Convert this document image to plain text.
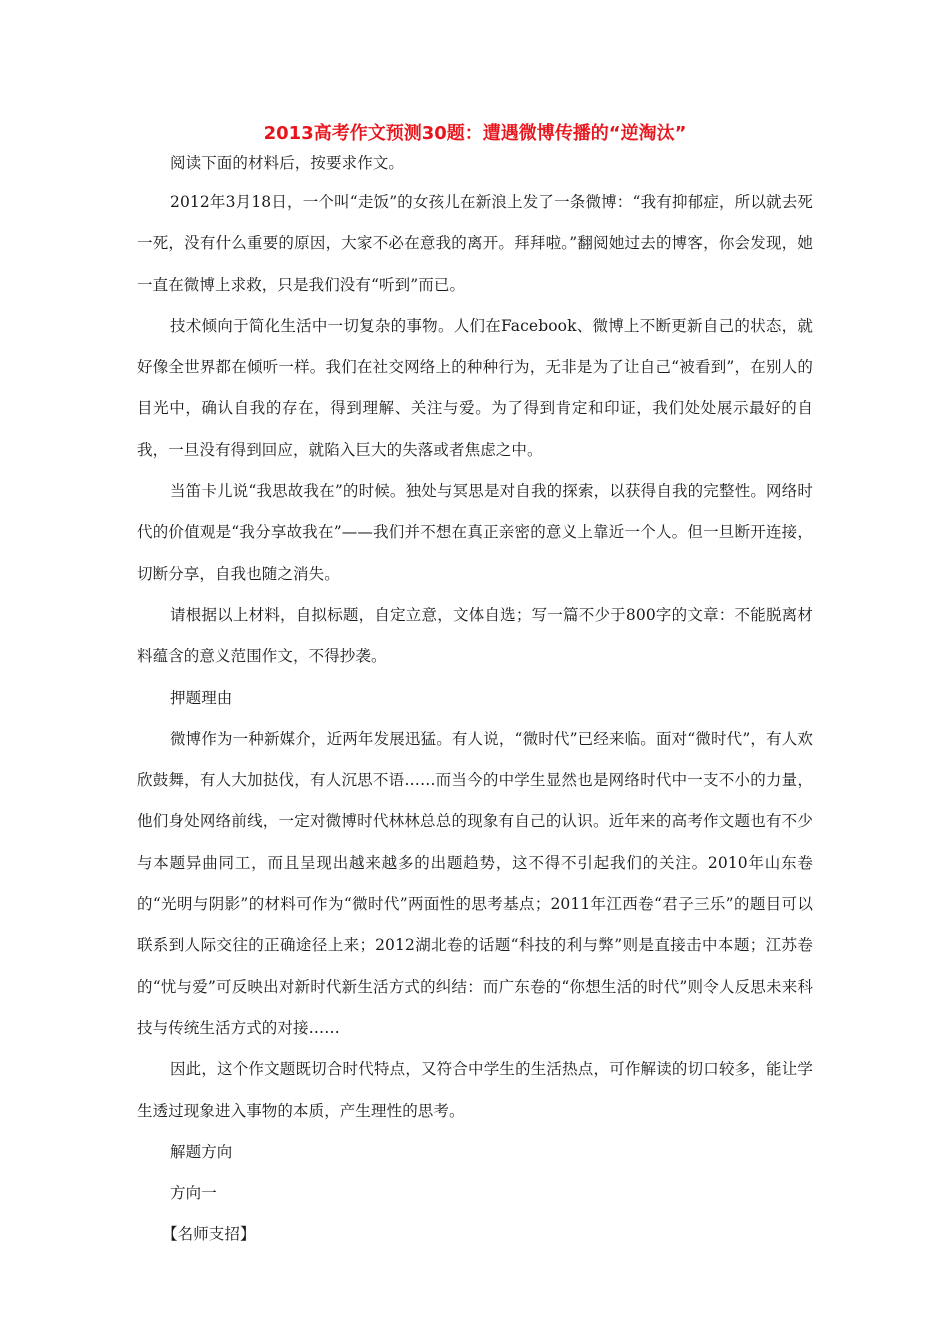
2013高考作文预测30题：遭遇微博传播的“逆淘汰”

阅读下面的材料后，按要求作文。

2012年3月18日，一个叫“走饭”的女孩儿在新浪上发了一条微博：“我有抑郁症，所以就去死一死，没有什么重要的原因，大家不必在意我的离开。拜拜啦。”翻阅她过去的博客，你会发现，她一直在微博上求救，只是我们没有“听到”而已。

技术倾向于简化生活中一切复杂的事物。人们在Facebook、微博上不断更新自己的状态，就好像全世界都在倾听一样。我们在社交网络上的种种行为，无非是为了让自己“被看到”，在别人的目光中，确认自我的存在，得到理解、关注与爱。为了得到肯定和印证，我们处处展示最好的自我，一旦没有得到回应，就陷入巨大的失落或者焦虑之中。

当笛卡儿说“我思故我在”的时候。独处与冥思是对自我的探索，以获得自我的完整性。网络时代的价值观是“我分享故我在”——我们并不想在真正亲密的意义上靠近一个人。但一旦断开连接，切断分享，自我也随之消失。

请根据以上材料，自拟标题，自定立意，文体自选；写一篇不少于800字的文章：不能脱离材料蕴含的意义范围作文，不得抄袭。

押题理由

微博作为一种新媒介，近两年发展迅猛。有人说，“微时代”已经来临。面对“微时代”，有人欢欣鼓舞，有人大加挞伐，有人沉思不语……而当今的中学生显然也是网络时代中一支不小的力量，他们身处网络前线，一定对微博时代林林总总的现象有自己的认识。近年来的高考作文题也有不少与本题异曲同工，而且呈现出越来越多的出题趋势，这不得不引起我们的关注。2010年山东卷的“光明与阴影”的材料可作为“微时代”两面性的思考基点；2011年江西卷“君子三乐”的题目可以联系到人际交往的正确途径上来；2012湖北卷的话题“科技的利与弊”则是直接击中本题；江苏卷的“忧与爱”可反映出对新时代新生活方式的纠结：而广东卷的“你想生活的时代”则令人反思未来科技与传统生活方式的对接……

因此，这个作文题既切合时代特点，又符合中学生的生活热点，可作解读的切口较多，能让学生透过现象进入事物的本质，产生理性的思考。

解题方向

方向一

【名师支招】
